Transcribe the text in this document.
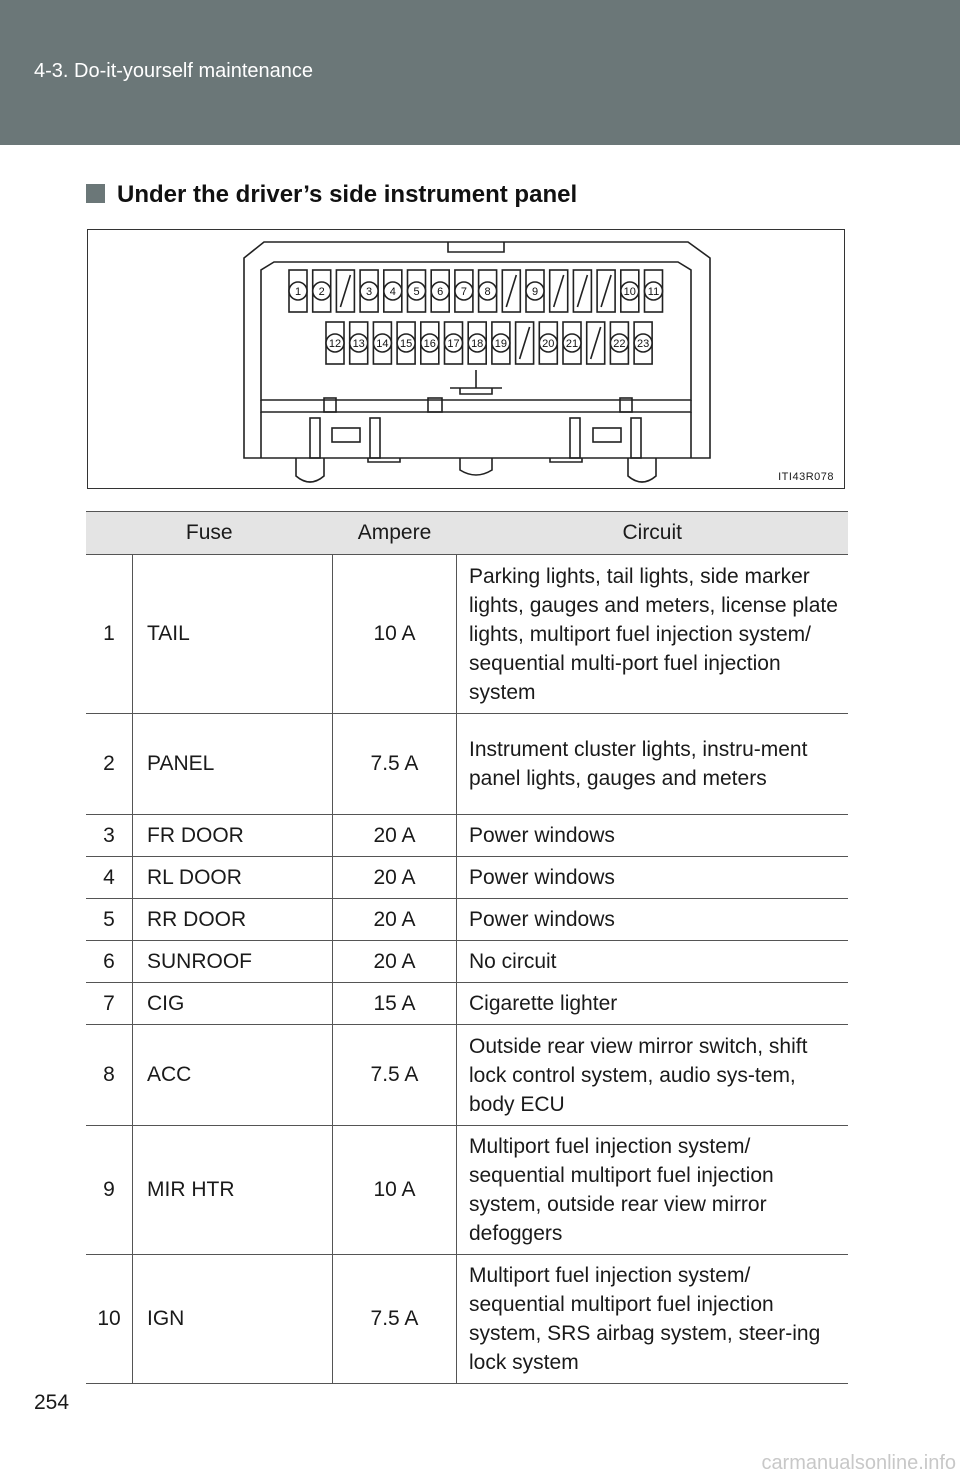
4-3. Do-it-yourself maintenance
Under the driver’s side instrument panel
1 2	3 4 5 6 7 8	9	10 11
12 13 14 15 16 17 18 19	20 21	22 23
ITI43R078
Fuse		Ampere	Circuit
1	TAIL	10 A	Parking lights, tail lights, side marker lights, gauges and meters, license plate lights, multiport fuel injection system/ sequential multi-port fuel injection system
2	PANEL	7.5 A	Instrument cluster lights, instru-ment panel lights, gauges and meters
3	FR DOOR	20 A	Power windows
4	RL DOOR	20 A	Power windows
5	RR DOOR	20 A	Power windows
6	SUNROOF	20 A	No circuit
7	CIG	15 A	Cigarette lighter
8	ACC	7.5 A	Outside rear view mirror switch, shift lock control system, audio sys-tem, body ECU
9	MIR HTR	10 A	Multiport fuel injection system/ sequential multiport fuel injection system, outside rear view mirror defoggers
10	IGN	7.5 A	Multiport fuel injection system/ sequential multiport fuel injection system, SRS airbag system, steer-ing lock system
254
carmanualsonline.info
